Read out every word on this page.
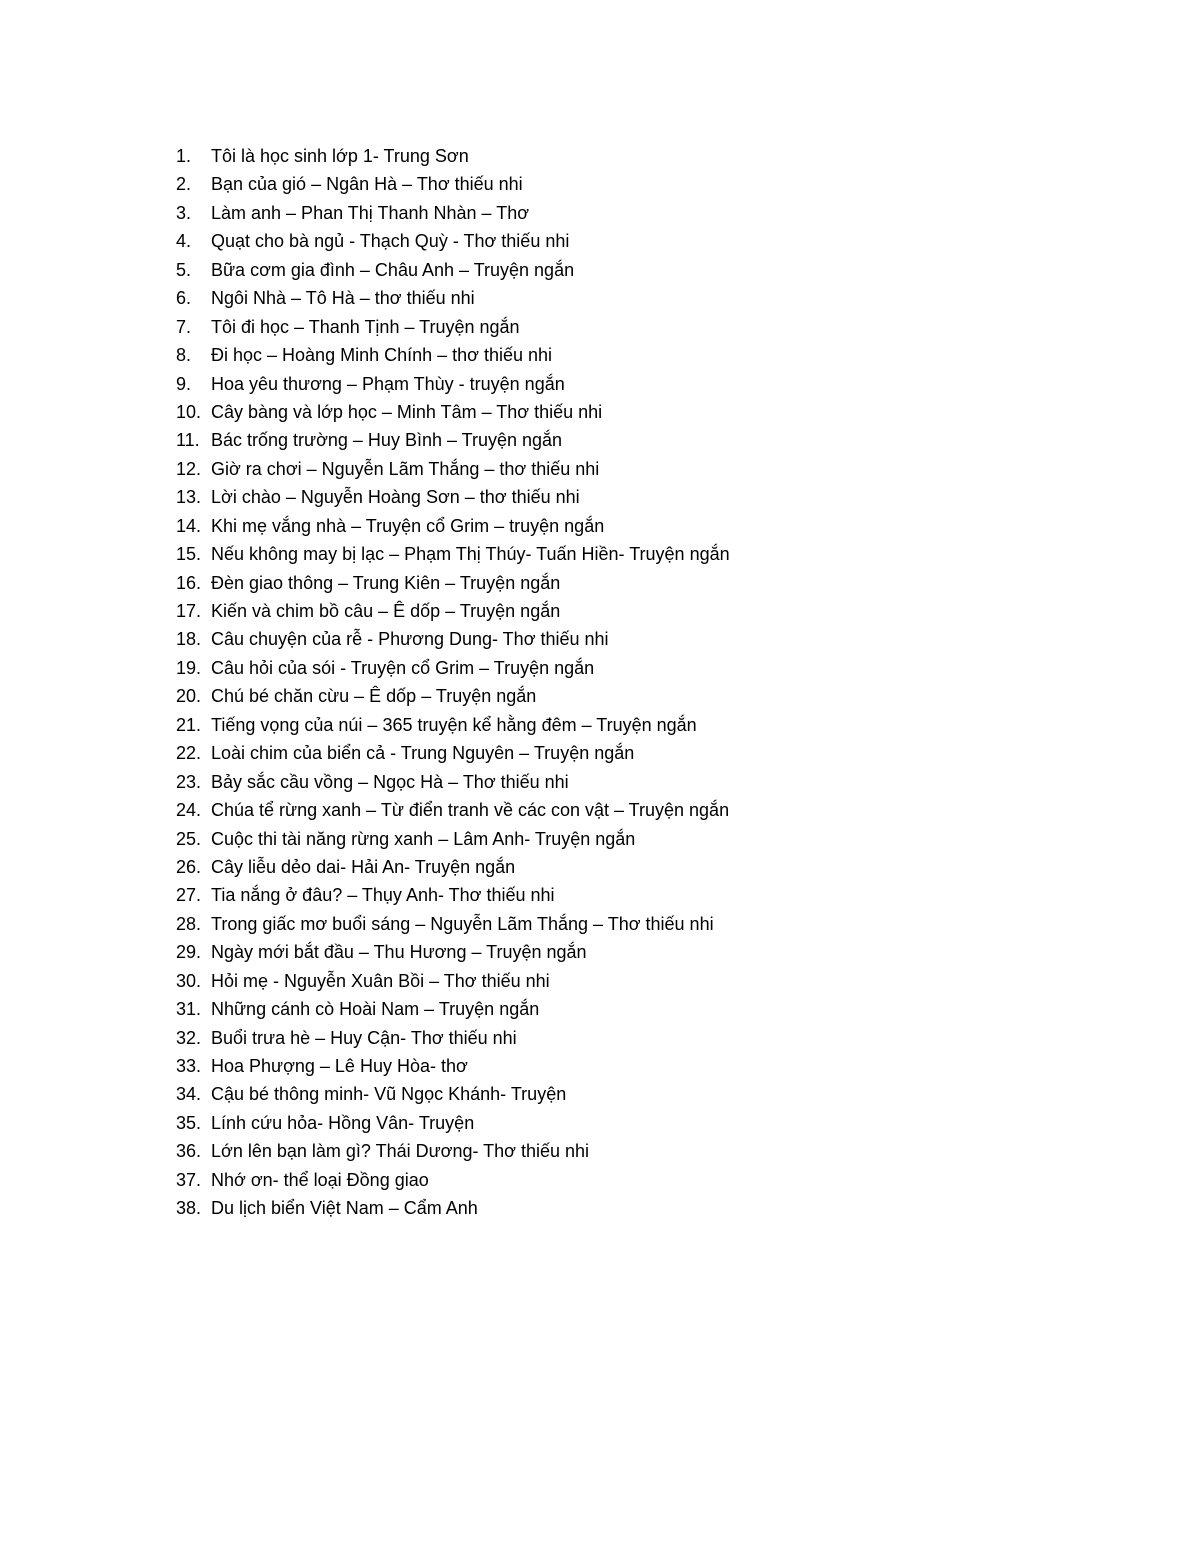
1.	Tôi là học sinh lớp 1- Trung Sơn
2.	Bạn của gió – Ngân Hà – Thơ thiếu nhi
3.	Làm anh – Phan Thị Thanh Nhàn – Thơ
4.	Quạt cho bà ngủ - Thạch Quỳ - Thơ thiếu nhi
5.	Bữa cơm gia đình – Châu Anh – Truyện ngắn
6.	Ngôi Nhà – Tô Hà – thơ thiếu nhi
7.	Tôi đi học – Thanh Tịnh – Truyện ngắn
8.	Đi học – Hoàng Minh Chính – thơ thiếu nhi
9.	Hoa yêu thương – Phạm Thùy - truyện ngắn
10. Cây bàng và lớp học – Minh Tâm – Thơ thiếu nhi
11. Bác trống trường – Huy Bình – Truyện ngắn
12. Giờ ra chơi – Nguyễn Lãm Thắng – thơ thiếu nhi
13. Lời chào – Nguyễn Hoàng Sơn – thơ thiếu nhi
14. Khi mẹ vắng nhà – Truyện cổ Grim – truyện ngắn
15. Nếu không may bị lạc – Phạm Thị Thúy- Tuấn Hiền- Truyện ngắn
16. Đèn giao thông – Trung Kiên – Truyện ngắn
17. Kiến và chim bồ câu – Ê dốp – Truyện ngắn
18. Câu chuyện của rễ - Phương Dung- Thơ thiếu nhi
19. Câu hỏi của sói - Truyện cổ Grim – Truyện ngắn
20. Chú bé chăn cừu – Ê dốp – Truyện ngắn
21. Tiếng vọng của núi – 365 truyện kể hằng đêm – Truyện ngắn
22. Loài chim của biển cả - Trung Nguyên – Truyện ngắn
23. Bảy sắc cầu vồng – Ngọc Hà – Thơ thiếu nhi
24. Chúa tể rừng xanh – Từ điển tranh về các con vật – Truyện ngắn
25. Cuộc thi tài năng rừng xanh – Lâm Anh- Truyện ngắn
26. Cây liễu dẻo dai- Hải An- Truyện ngắn
27. Tia nắng ở đâu? – Thụy Anh- Thơ thiếu nhi
28. Trong giấc mơ buổi sáng – Nguyễn Lãm Thắng – Thơ thiếu nhi
29. Ngày mới bắt đầu – Thu Hương – Truyện ngắn
30. Hỏi mẹ - Nguyễn Xuân Bồi – Thơ thiếu nhi
31. Những cánh cò Hoài Nam – Truyện ngắn
32. Buổi trưa hè – Huy Cận- Thơ thiếu nhi
33. Hoa Phượng – Lê Huy Hòa- thơ
34. Cậu bé thông minh- Vũ Ngọc Khánh- Truyện
35. Lính cứu hỏa- Hồng Vân- Truyện
36. Lớn lên bạn làm gì? Thái Dương- Thơ thiếu nhi
37. Nhớ ơn- thể loại Đồng giao
38. Du lịch biển Việt Nam – Cẩm Anh
